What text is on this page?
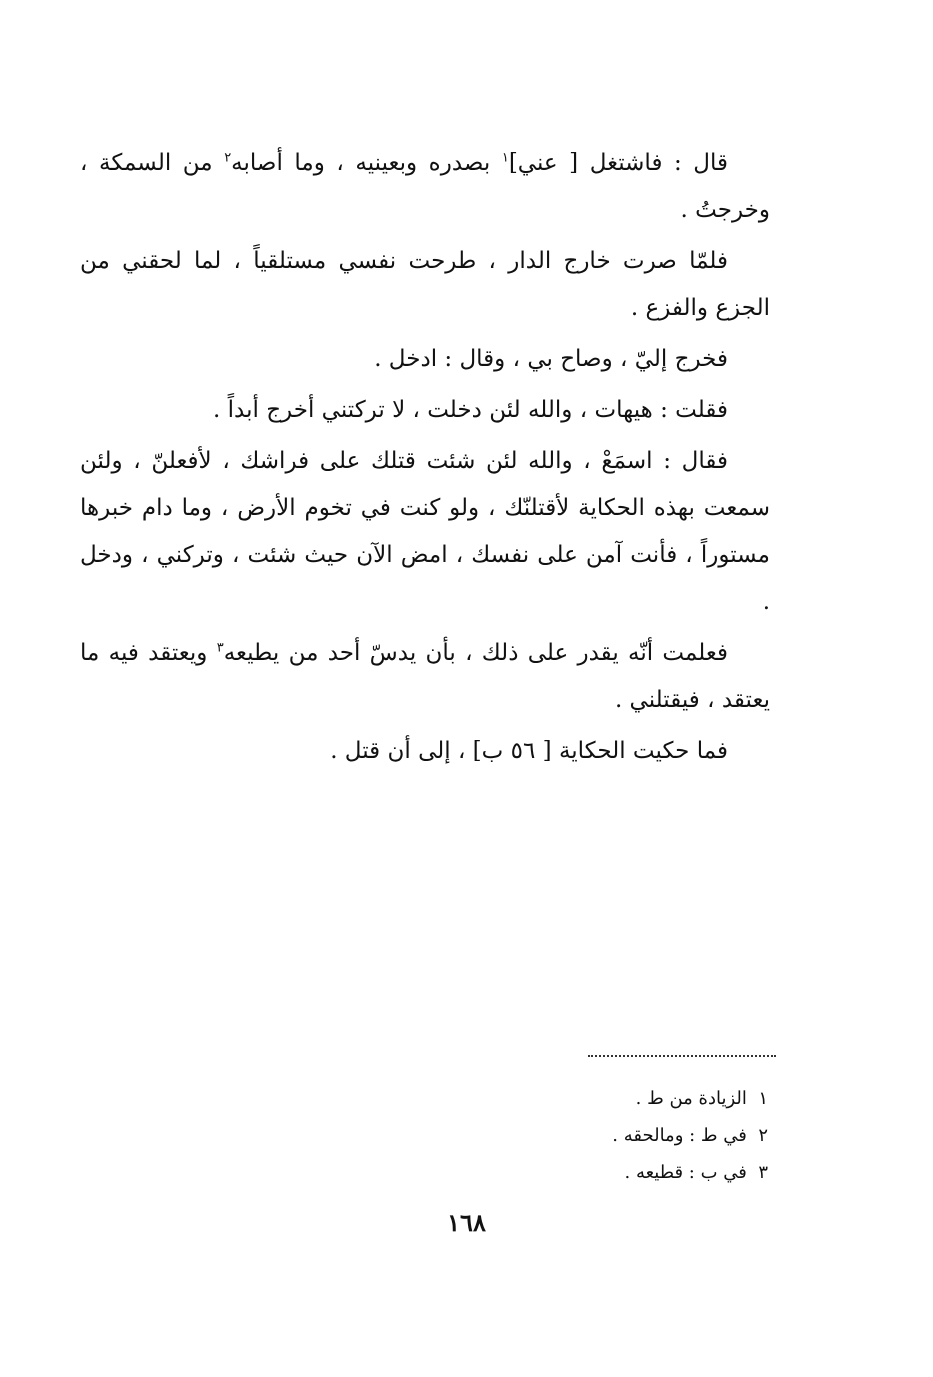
قال : فاشتغل [ عني]$^١$ بصدره وبعينيه ، وما أصابه$^٢$ من السمكة ، وخرجتُ .

فلمّا صرت خارج الدار ، طرحت نفسي مستلقياً ، لما لحقني من الجزع والفزع .

فخرج إليّ ، وصاح بي ، وقال : ادخل .

فقلت : هيهات ، والله لئن دخلت ، لا تركتني أخرج أبداً .

فقال : اسمَعْ ، والله لئن شئت قتلك على فراشك ، لأفعلنّ ، ولئن سمعت بهذه الحكاية لأقتلنّك ، ولو كنت في تخوم الأرض ، وما دام خبرها مستوراً ، فأنت آمن على نفسك ، امض الآن حيث شئت ، وتركني ، ودخل .

فعلمت أنّه يقدر على ذلك ، بأن يدسّ أحد من يطيعه$^٣$ ويعتقد فيه ما يعتقد ، فيقتلني .

فما حكيت الحكاية [ ٥٦ ب] ، إلى أن قتل .

١  الزيادة من ط .
٢  في ط : ومالحقه .
٣  في ب : قطيعه .
١٦٨
